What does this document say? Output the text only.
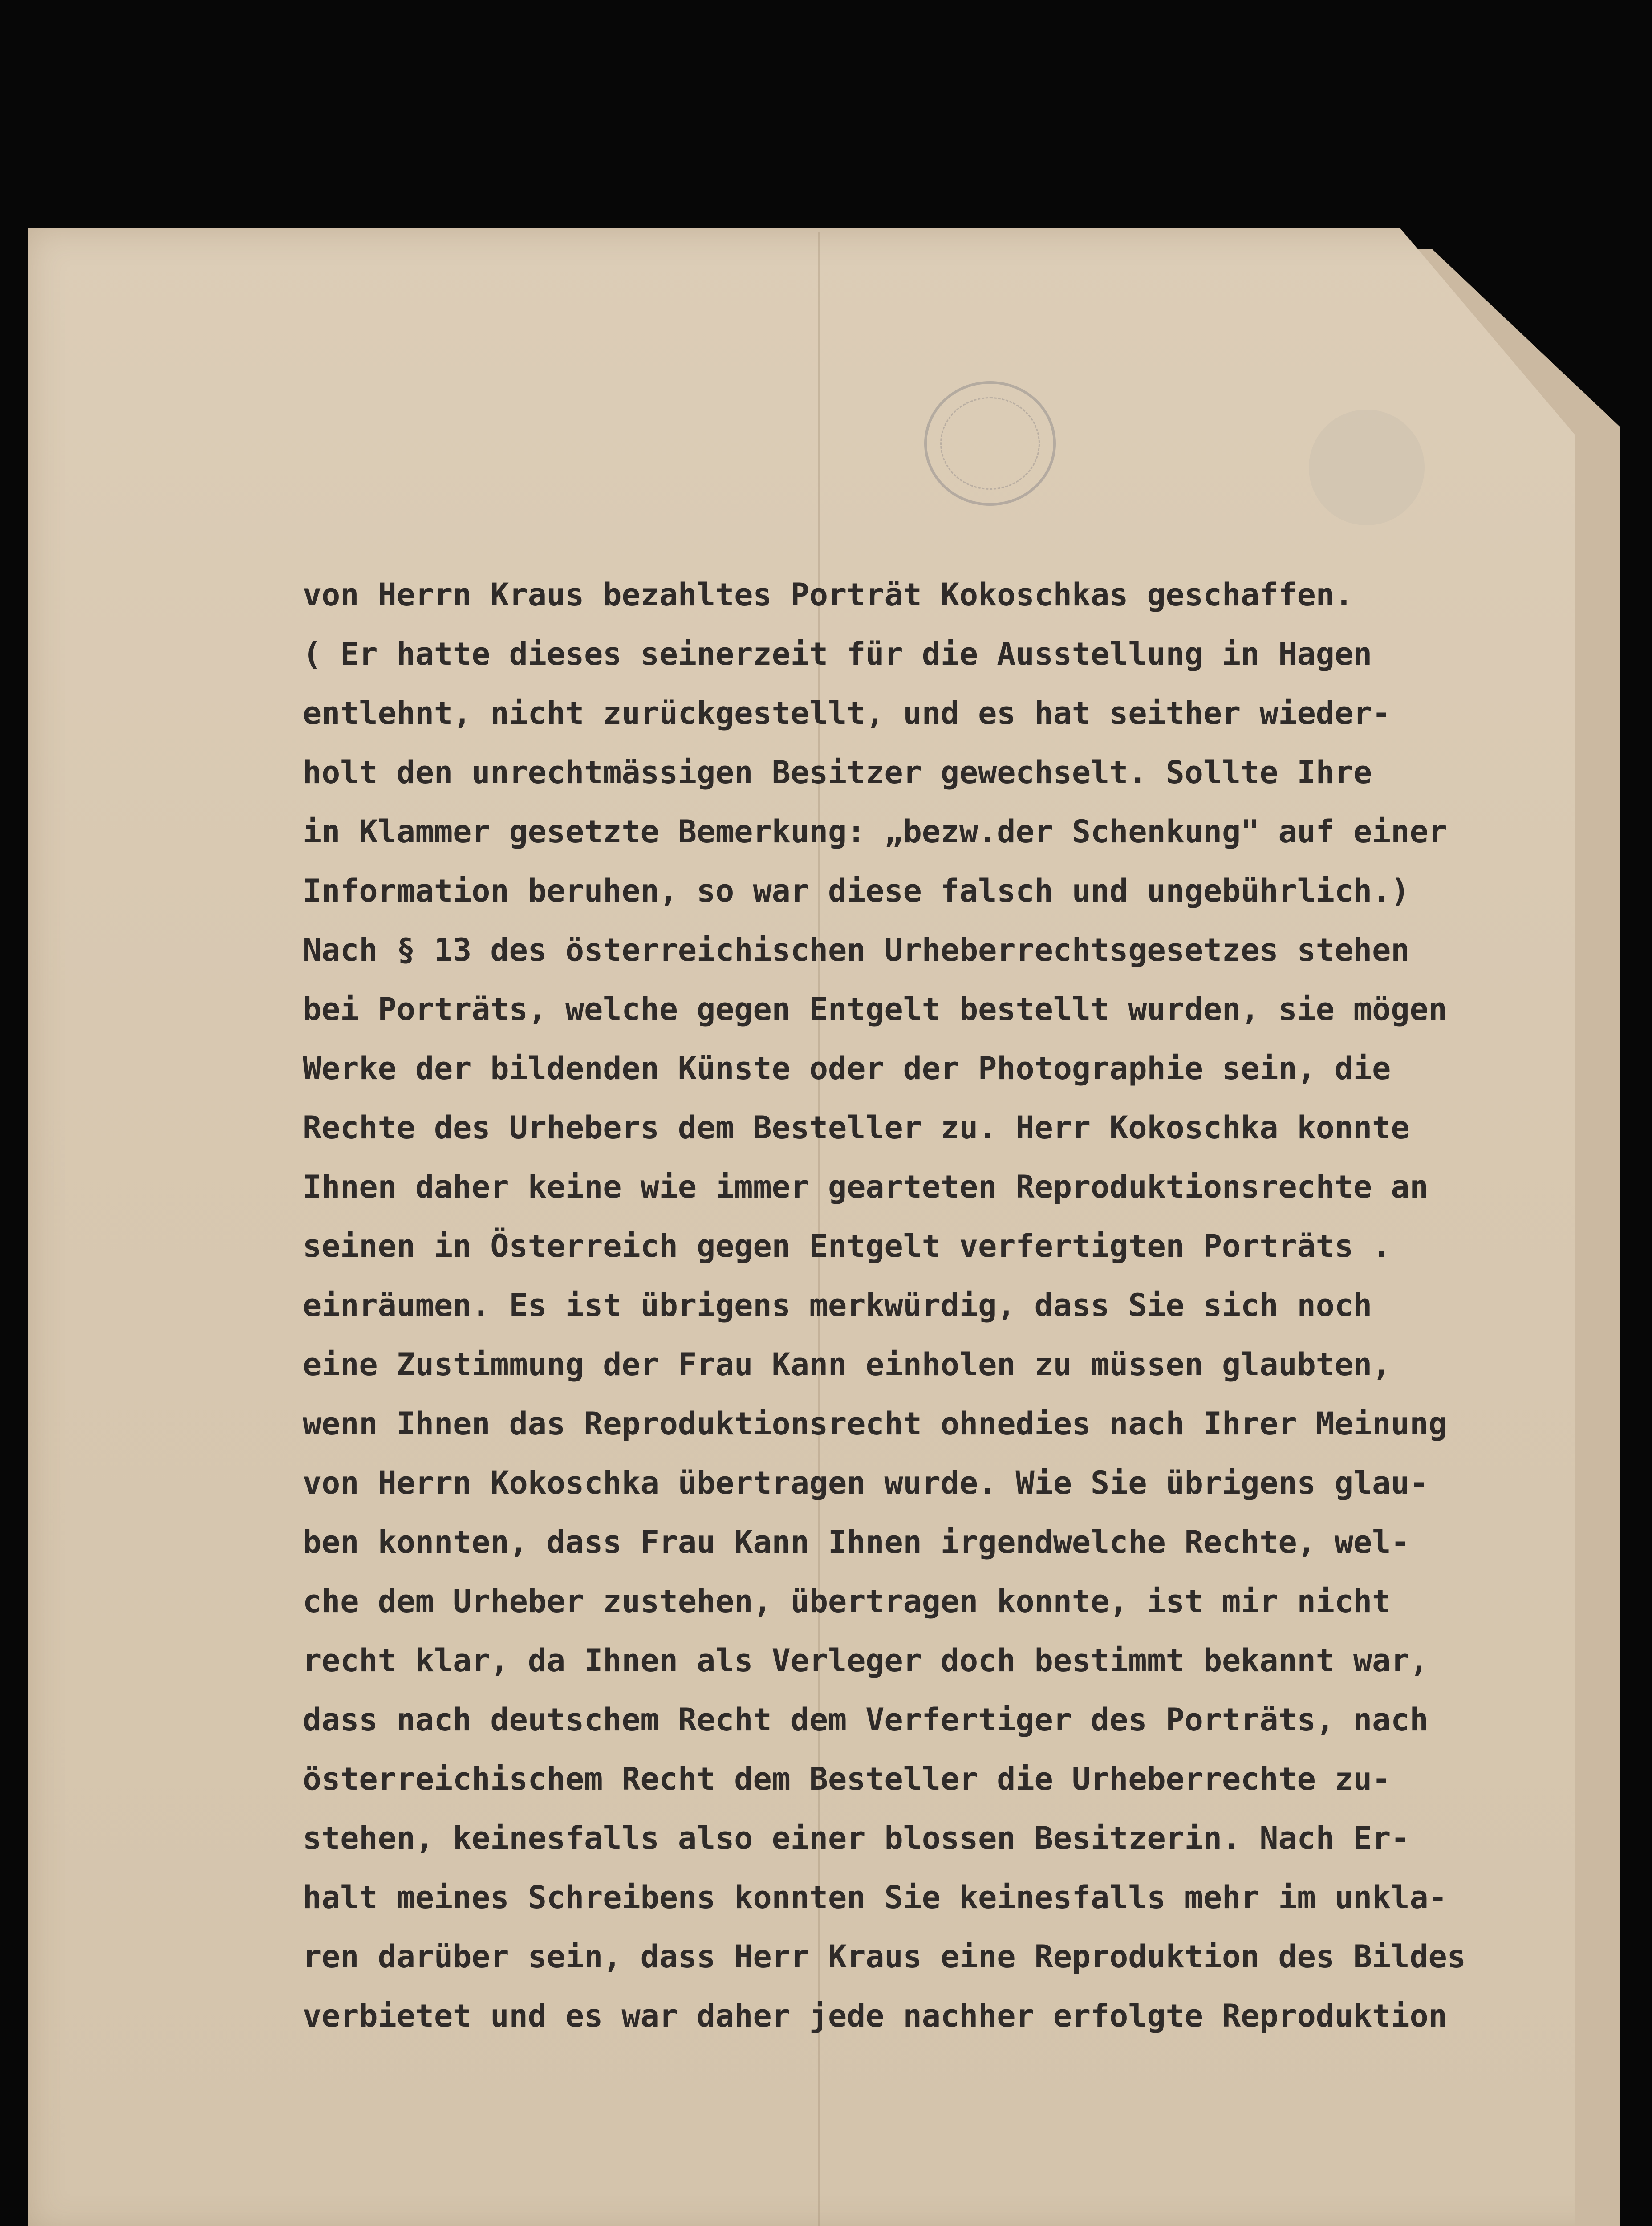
von Herrn Kraus bezahltes Porträt Kokoschkas geschaffen.
( Er hatte dieses seinerzeit für die Ausstellung in Hagen
entlehnt, nicht zurückgestellt, und es hat seither wieder-
holt den unrechtmässigen Besitzer gewechselt. Sollte Ihre
in Klammer gesetzte Bemerkung: „bezw.der Schenkung" auf einer
Information beruhen, so war diese falsch und ungebührlich.)
Nach § 13 des österreichischen Urheberrechtsgesetzes stehen
bei Porträts, welche gegen Entgelt bestellt wurden, sie mögen
Werke der bildenden Künste oder der Photographie sein, die
Rechte des Urhebers dem Besteller zu. Herr Kokoschka konnte
Ihnen daher keine wie immer gearteten Reproduktionsrechte an
seinen in Österreich gegen Entgelt verfertigten Porträts .
einräumen. Es ist übrigens merkwürdig, dass Sie sich noch
eine Zustimmung der Frau Kann einholen zu müssen glaubten,
wenn Ihnen das Reproduktionsrecht ohnedies nach Ihrer Meinung
von Herrn Kokoschka übertragen wurde. Wie Sie übrigens glau-
ben konnten, dass Frau Kann Ihnen irgendwelche Rechte, wel-
che dem Urheber zustehen, übertragen konnte, ist mir nicht
recht klar, da Ihnen als Verleger doch bestimmt bekannt war,
dass nach deutschem Recht dem Verfertiger des Porträts, nach
österreichischem Recht dem Besteller die Urheberrechte zu-
stehen, keinesfalls also einer blossen Besitzerin. Nach Er-
halt meines Schreibens konnten Sie keinesfalls mehr im unkla-
ren darüber sein, dass Herr Kraus eine Reproduktion des Bildes
verbietet und es war daher jede nachher erfolgte Reproduktion
